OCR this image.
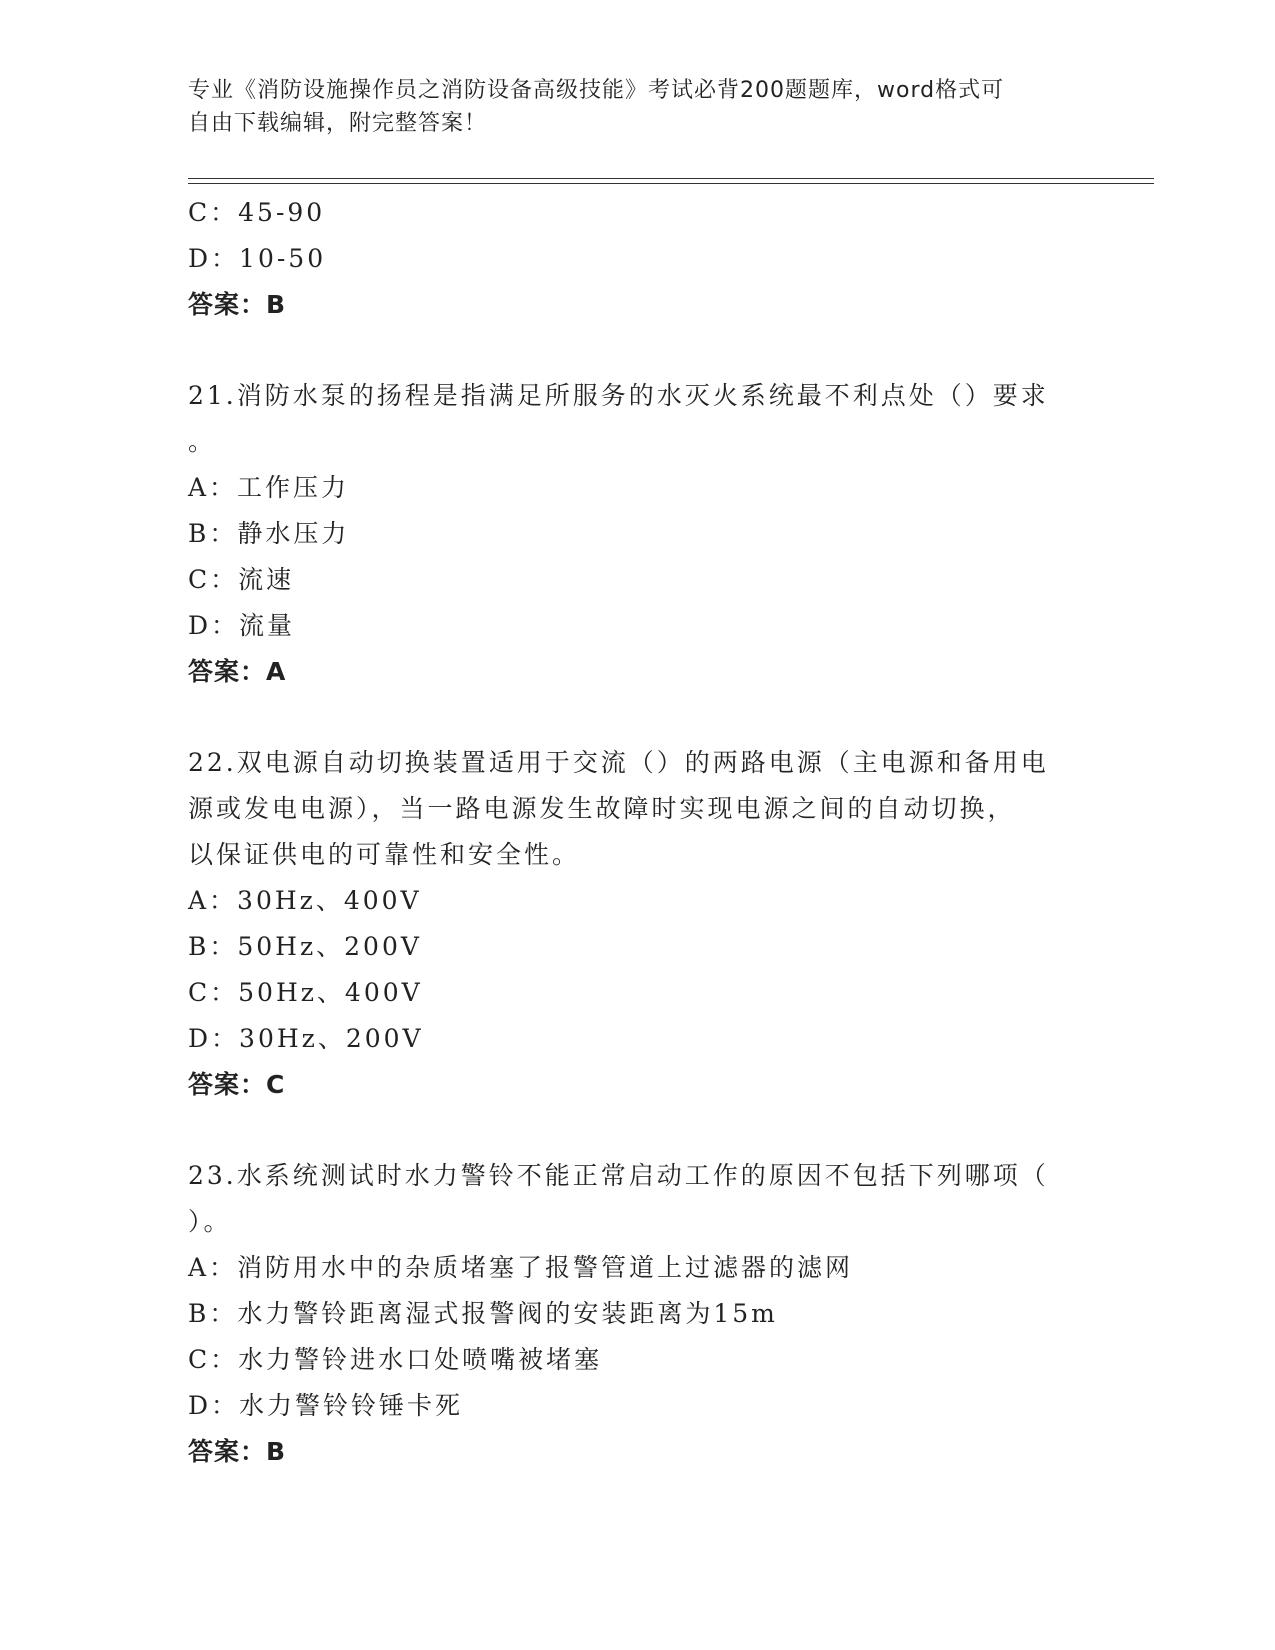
专业《消防设施操作员之消防设备高级技能》考试必背200题题库，word格式可
自由下载编辑，附完整答案！
C：45-90
D：10-50
答案：B
21.消防水泵的扬程是指满足所服务的水灭火系统最不利点处（）要求
。
A：工作压力
B：静水压力
C：流速
D：流量
答案：A
22.双电源自动切换装置适用于交流（）的两路电源（主电源和备用电
源或发电电源），当一路电源发生故障时实现电源之间的自动切换，
以保证供电的可靠性和安全性。
A：30Hz、400V
B：50Hz、200V
C：50Hz、400V
D：30Hz、200V
答案：C
23.水系统测试时水力警铃不能正常启动工作的原因不包括下列哪项（
）。
A：消防用水中的杂质堵塞了报警管道上过滤器的滤网
B：水力警铃距离湿式报警阀的安装距离为15m
C：水力警铃进水口处喷嘴被堵塞
D：水力警铃铃锤卡死
答案：B
